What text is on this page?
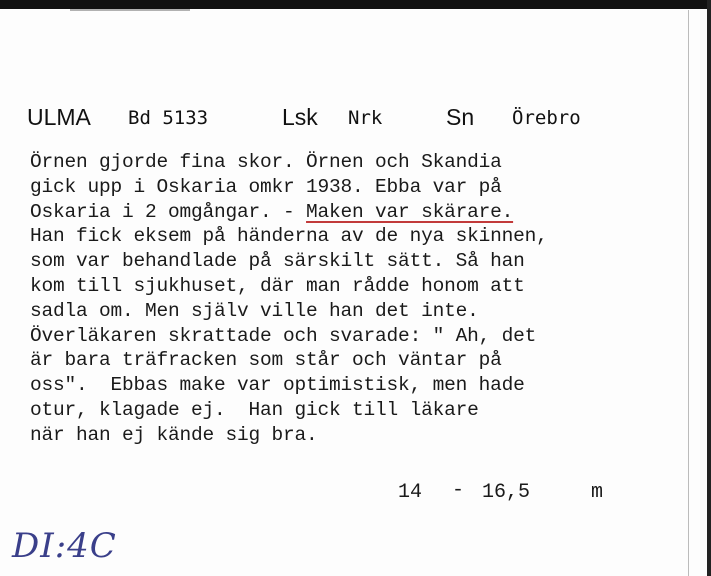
ULMA Bd 5133	Lsk Nrk	Sn Örebro
Örnen gjorde fina skor. Örnen och Skandia
gick upp i Oskaria omkr 1938. Ebba var på
Oskaria i 2 omgångar. - Maken var skärare.
Han fick eksem på händerna av de nya skinnen,
som var behandlade på särskilt sätt. Så han
kom till sjukhuset, där man rådde honom att
sadla om. Men själv ville han det inte.
Överläkaren skrattade och svarade: " Ah, det
är bara träfracken som står och väntar på
oss".  Ebbas make var optimistisk, men hade
otur, klagade ej.  Han gick till läkare
när han ej kände sig bra.
14 - 16,5	m
DI:4C
